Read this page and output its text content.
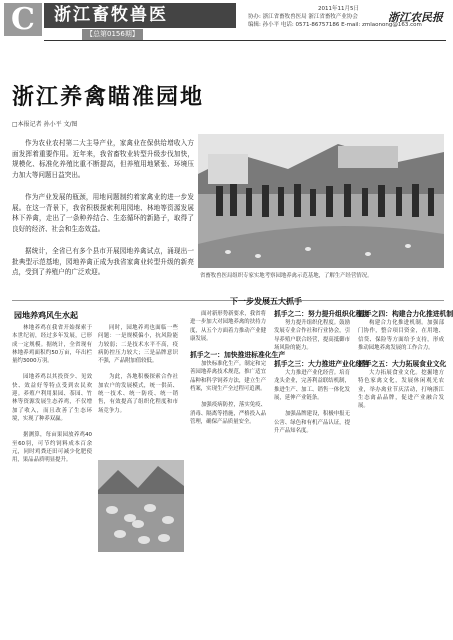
C	浙江畜牧兽医
【总第0156期】
2011年11月5日
协办: 浙江省畜牧兽医局 浙江省畜牧产业协会
编辑: 孙小平 电话: 0571-86757186 E-mail: zmlaonong@163.com
浙江农民报
浙江养禽瞄准园地
□本报记者 孙小平 文/图
作为农业农村第二大主导产业，家禽业在保供给增收入方面发挥着重要作用。近年来，我省畜牧业转型升级步伐加快，规模化、标准化养殖比重不断提高，但养殖用地紧张、环境压力加大等问题日益突出。
作为产业发展的瓶颈，用地问题制约着家禽业的进一步发展。在这一背景下，我省积极探索利用园地、林地等资源发展林下养禽，走出了一条种养结合、生态循环的新路子，取得了良好的经济、社会和生态效益。
据统计，全省已有多个县市开展园地养禽试点，涌现出一批典型示范基地，园地养禽正成为我省家禽业转型升级的新亮点，受到了养殖户的广泛欢迎。	省畜牧兽医局组织专家实地考察园地养禽示范基地，了解生产经营情况。
园地养鸡风生水起
下一步发展五大抓手

林地养鸡在我省开始探索于本世纪初，经过多年发展，已形成一定规模。据统计，全省现有林地养鸡面积约50万亩，年出栏量约3000万羽。

园地养鸡以其投资少、见效快、效益好等特点受到农民欢迎。养殖户利用果园、茶园、竹林等资源发展生态养鸡，不仅增加了收入，而且改善了生态环境，实现了种养双赢。

据测算，每亩果园放养鸡40至60羽，可节约饲料成本百余元，同时鸡粪还田可减少化肥使用，果品品质明显提升。

同时，园地养鸡也面临一些问题：一是规模偏小，抗风险能力较弱；二是技术水平不高，疫病防控压力较大；三是品牌意识不强，产品附加值较低。

为此，各地积极探索合作社加农户的发展模式，统一供苗、统一技术、统一防疫、统一销售，有效提高了组织化程度和市场竞争力。

面对新形势新要求，我省将进一步加大对园地养禽的扶持力度，从五个方面着力推动产业健康发展。

抓手之一：加快推进标准化生产

加快标准化生产。制定和完善园地养禽技术规范，推广适宜品种和科学饲养方法，建立生产档案，实现生产全过程可追溯。

加强疫病防控，落实免疫、消毒、隔离等措施，严格投入品管理，确保产品质量安全。

抓手之二：努力提升组织化程度

努力提升组织化程度。鼓励发展专业合作社和行业协会，引导养殖户联合经营，提高抵御市场风险的能力。

抓手之三：大力推进产业化经营

大力推进产业化经营。培育龙头企业，完善利益联结机制，推进生产、加工、销售一体化发展，延伸产业链条。

加强品牌建设，积极申报无公害、绿色和有机产品认证，提升产品知名度。

抓手之四：构建合力化推进机制

构建合力化推进机制。加强部门协作，整合项目资金，在用地、信贷、保险等方面给予支持，形成推动园地养禽发展的工作合力。

抓手之五：大力拓展食业文化

大力拓展食业文化。挖掘地方特色家禽文化，发展休闲观光农业，举办禽业节庆活动，打响浙江生态禽品品牌，促进产业融合发展。
